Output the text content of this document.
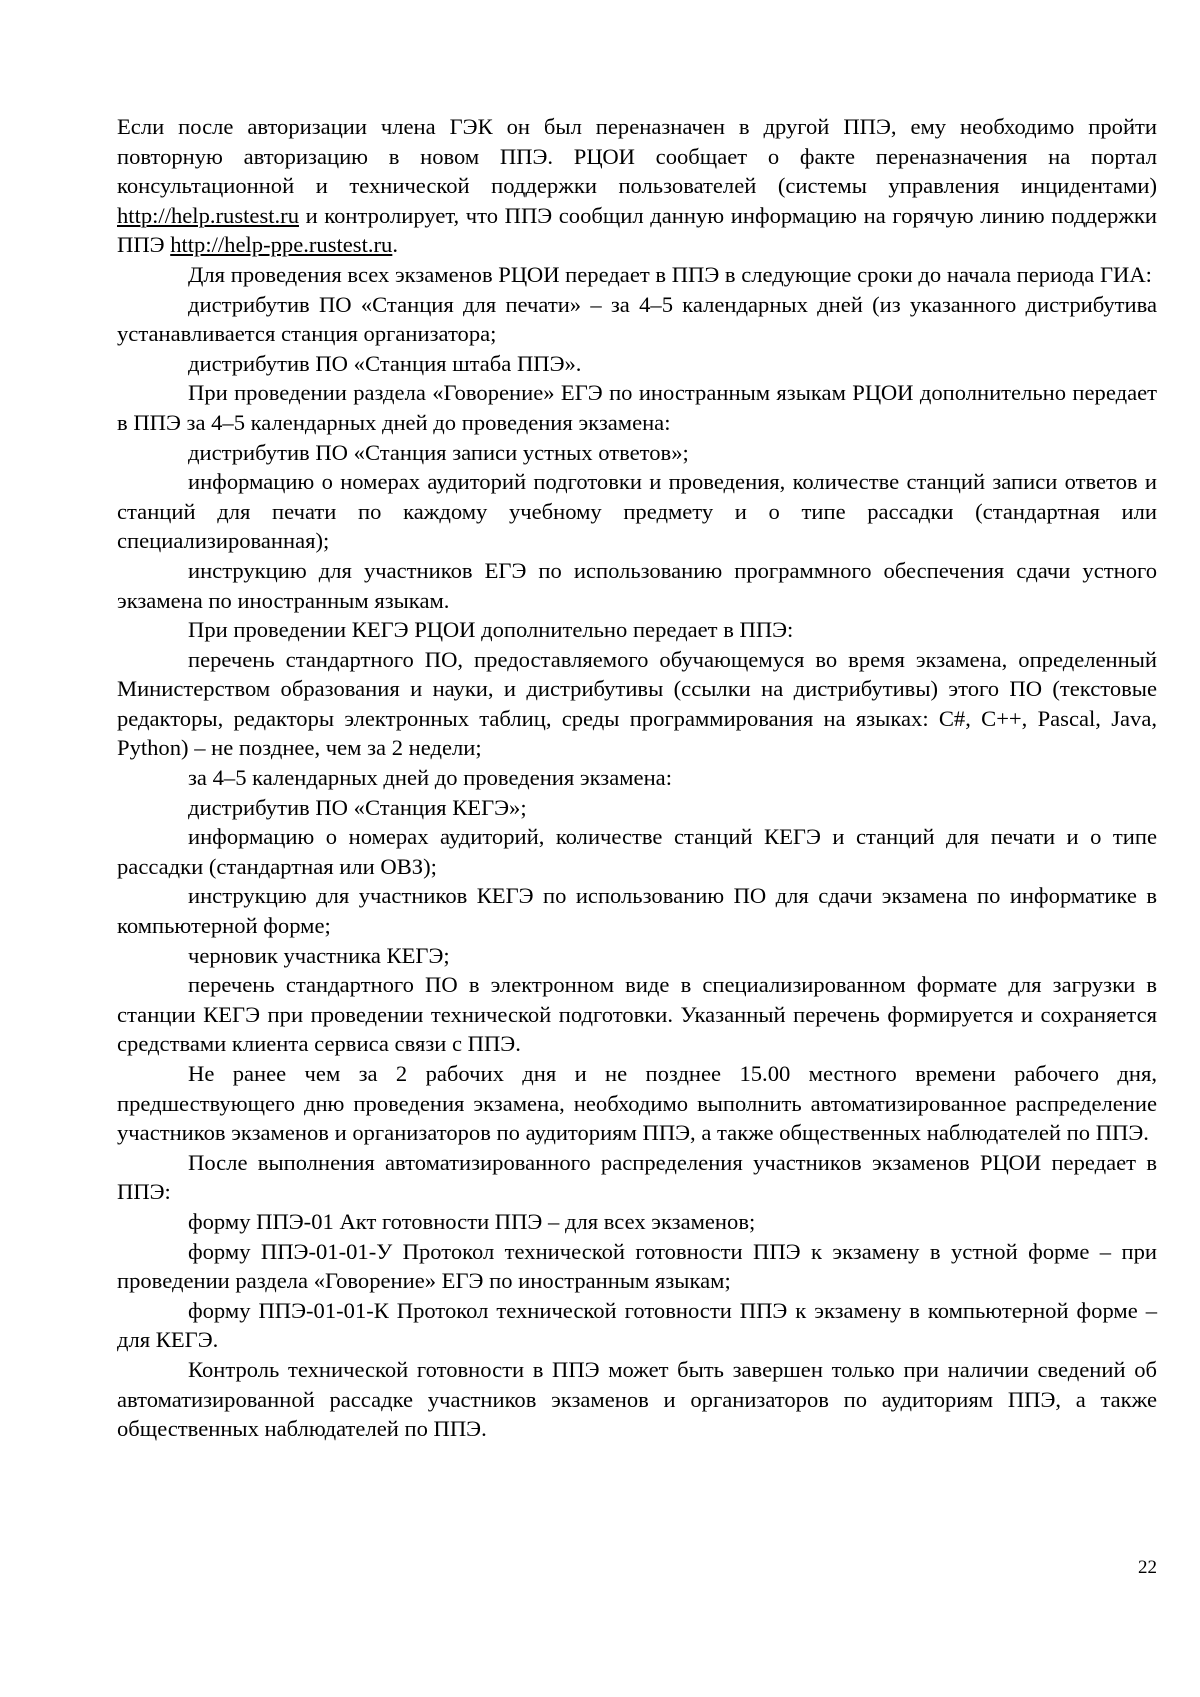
Если после авторизации члена ГЭК он был переназначен в другой ППЭ, ему необходимо пройти повторную авторизацию в новом ППЭ. РЦОИ сообщает о факте переназначения на портал консультационной и технической поддержки пользователей (системы управления инцидентами) http://help.rustest.ru и контролирует, что ППЭ сообщил данную информацию на горячую линию поддержки ППЭ http://help-ppe.rustest.ru.

Для проведения всех экзаменов РЦОИ передает в ППЭ в следующие сроки до начала периода ГИА:

дистрибутив ПО «Станция для печати» – за 4–5 календарных дней (из указанного дистрибутива устанавливается станция организатора;

дистрибутив ПО «Станция штаба ППЭ».

При проведении раздела «Говорение» ЕГЭ по иностранным языкам РЦОИ дополнительно передает в ППЭ за 4–5 календарных дней до проведения экзамена:

дистрибутив ПО «Станция записи устных ответов»;

информацию о номерах аудиторий подготовки и проведения, количестве станций записи ответов и станций для печати по каждому учебному предмету и о типе рассадки (стандартная или специализированная);

инструкцию для участников ЕГЭ по использованию программного обеспечения сдачи устного экзамена по иностранным языкам.

При проведении КЕГЭ РЦОИ дополнительно передает в ППЭ:

перечень стандартного ПО, предоставляемого обучающемуся во время экзамена, определенный Министерством образования и науки, и дистрибутивы (ссылки на дистрибутивы) этого ПО (текстовые редакторы, редакторы электронных таблиц, среды программирования на языках: С#, С++, Pascal, Java, Python) – не позднее, чем за 2 недели;

за 4–5 календарных дней до проведения экзамена:

дистрибутив ПО «Станция КЕГЭ»;

информацию о номерах аудиторий, количестве станций КЕГЭ и станций для печати и о типе рассадки (стандартная или ОВЗ);

инструкцию для участников КЕГЭ по использованию ПО для сдачи экзамена по информатике в компьютерной форме;

черновик участника КЕГЭ;

перечень стандартного ПО в электронном виде в специализированном формате для загрузки в станции КЕГЭ при проведении технической подготовки. Указанный перечень формируется и сохраняется средствами клиента сервиса связи с ППЭ.

Не ранее чем за 2 рабочих дня и не позднее 15.00 местного времени рабочего дня, предшествующего дню проведения экзамена, необходимо выполнить автоматизированное распределение участников экзаменов и организаторов по аудиториям ППЭ, а также общественных наблюдателей по ППЭ.

После выполнения автоматизированного распределения участников экзаменов РЦОИ передает в ППЭ:

форму ППЭ-01 Акт готовности ППЭ – для всех экзаменов;

форму ППЭ-01-01-У Протокол технической готовности ППЭ к экзамену в устной форме – при проведении раздела «Говорение» ЕГЭ по иностранным языкам;

форму ППЭ-01-01-К Протокол технической готовности ППЭ к экзамену в компьютерной форме – для КЕГЭ.

Контроль технической готовности в ППЭ может быть завершен только при наличии сведений об автоматизированной рассадке участников экзаменов и организаторов по аудиториям ППЭ, а также общественных наблюдателей по ППЭ.

22
